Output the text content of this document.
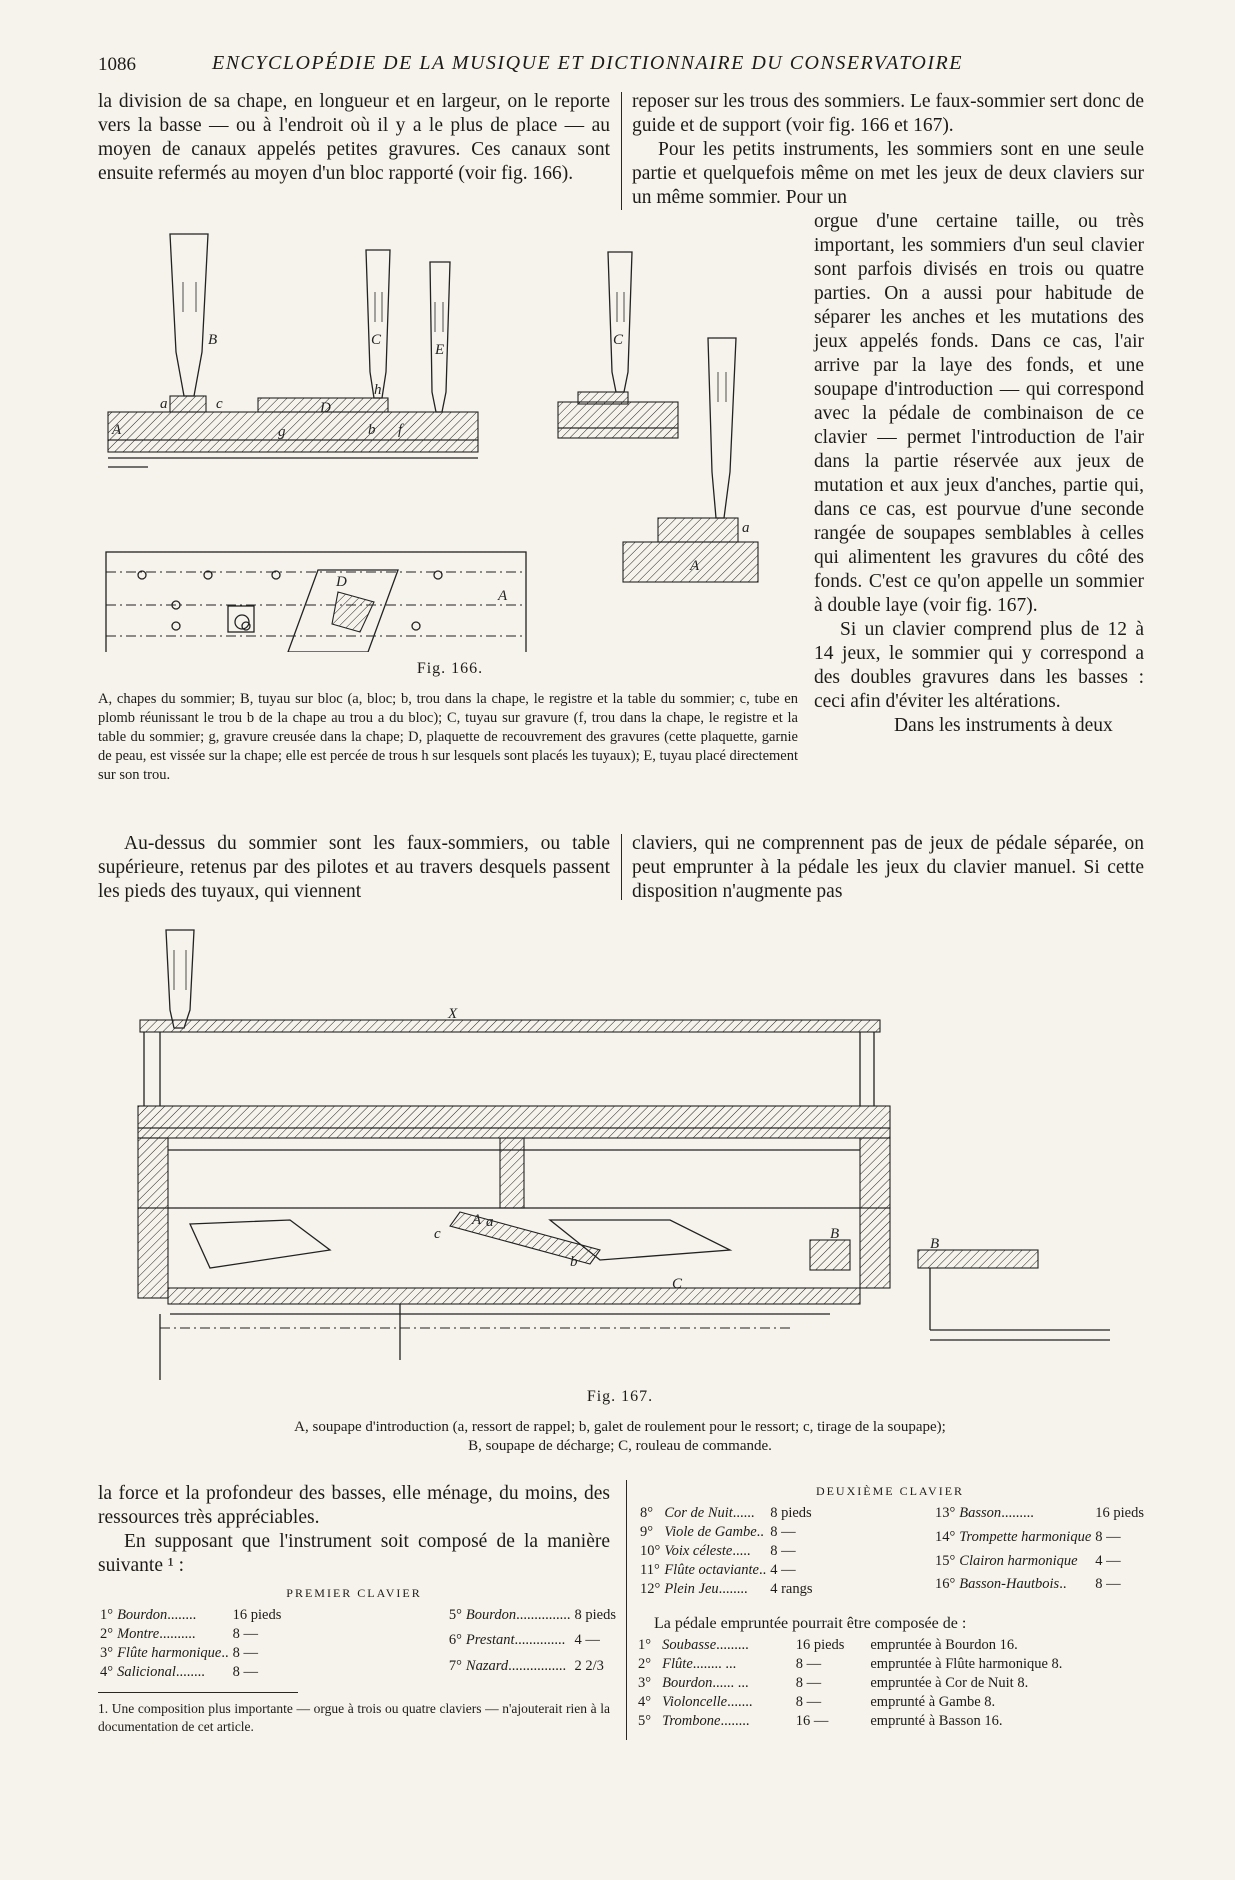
1086	ENCYCLOPÉDIE DE LA MUSIQUE ET DICTIONNAIRE DU CONSERVATOIRE

la division de sa chape, en longueur et en largeur, on le reporte vers la basse — ou à l'endroit où il y a le plus de place — au moyen de canaux appelés petites gravures. Ces canaux sont ensuite refermés au moyen d'un bloc rapporté (voir fig. 166).

reposer sur les trous des sommiers. Le faux-sommier sert donc de guide et de support (voir fig. 166 et 167).

Pour les petits instruments, les sommiers sont en une seule partie et quelquefois même on met les jeux de deux claviers sur un même sommier. Pour un

orgue d'une certaine taille, ou très important, les sommiers d'un seul clavier sont parfois divisés en trois ou quatre parties. On a aussi pour habitude de séparer les anches et les mutations des jeux appelés fonds. Dans ce cas, l'air arrive par la laye des fonds, et une soupape d'introduction — qui correspond avec la pédale de combinaison de ce clavier — permet l'introduction de l'air dans la partie réservée aux jeux de mutation et aux jeux d'anches, partie qui, dans ce cas, est pourvue d'une seconde rangée de soupapes semblables à celles qui alimentent les gravures du côté des fonds. C'est ce qu'on appelle un sommier à double laye (voir fig. 167).

Si un clavier comprend plus de 12 à 14 jeux, le sommier qui y correspond a des doubles gravures dans les basses : ceci afin d'éviter les altérations.

Dans les instruments à deux

B	C
E
a	c
h
D
A	g	b f
D
A
C
a
A
Fig. 166.
A, chapes du sommier; B, tuyau sur bloc (a, bloc; b, trou dans la chape, le registre et la table du sommier; c, tube en plomb réunissant le trou b de la chape au trou a du bloc); C, tuyau sur gravure (f, trou dans la chape, le registre et la table du sommier; g, gravure creusée dans la chape; D, plaquette de recouvrement des gravures (cette plaquette, garnie de peau, est vissée sur la chape; elle est percée de trous h sur lesquels sont placés les tuyaux); E, tuyau placé directement sur son trou.

Au-dessus du sommier sont les faux-sommiers, ou table supérieure, retenus par des pilotes et au travers desquels passent les pieds des tuyaux, qui viennent

claviers, qui ne comprennent pas de jeux de pédale séparée, on peut emprunter à la pédale les jeux du clavier manuel. Si cette disposition n'augmente pas

X
A a
b
c	B
C
B
Fig. 167.
A, soupape d'introduction (a, ressort de rappel; b, galet de roulement pour le ressort; c, tirage de la soupape);
B, soupape de décharge; C, rouleau de commande.

la force et la profondeur des basses, elle ménage, du moins, des ressources très appréciables.

En supposant que l'instrument soit composé de la manière suivante ¹ :

PREMIER CLAVIER
1°	Bourdon........	16 pieds
2°	Montre..........	8 —
3°	Flûte harmonique..	8 —
4°	Salicional........	8 —
5°	Bourdon...............	8 pieds
6°	Prestant..............	4 —
7°	Nazard................	2 2/3
1. Une composition plus importante — orgue à trois ou quatre claviers — n'ajouterait rien à la documentation de cet article.
DEUXIÈME CLAVIER
8°	Cor de Nuit......	8 pieds
9°	Viole de Gambe..	8 —
10°	Voix céleste.....	8 —
11°	Flûte octaviante..	4 —
12°	Plein Jeu........	4 rangs
13°	Basson.........	16 pieds
14°	Trompette harmonique	8 —
15°	Clairon harmonique	4 —
16°	Basson-Hautbois..	8 —
La pédale empruntée pourrait être composée de :
1°	Soubasse.........	16 pieds	empruntée à Bourdon 16.
2°	Flûte........ ...	8 —	empruntée à Flûte harmonique 8.
3°	Bourdon...... ...	8 —	empruntée à Cor de Nuit 8.
4°	Violoncelle.......	8 —	emprunté à Gambe 8.
5°	Trombone........	16 —	emprunté à Basson 16.
